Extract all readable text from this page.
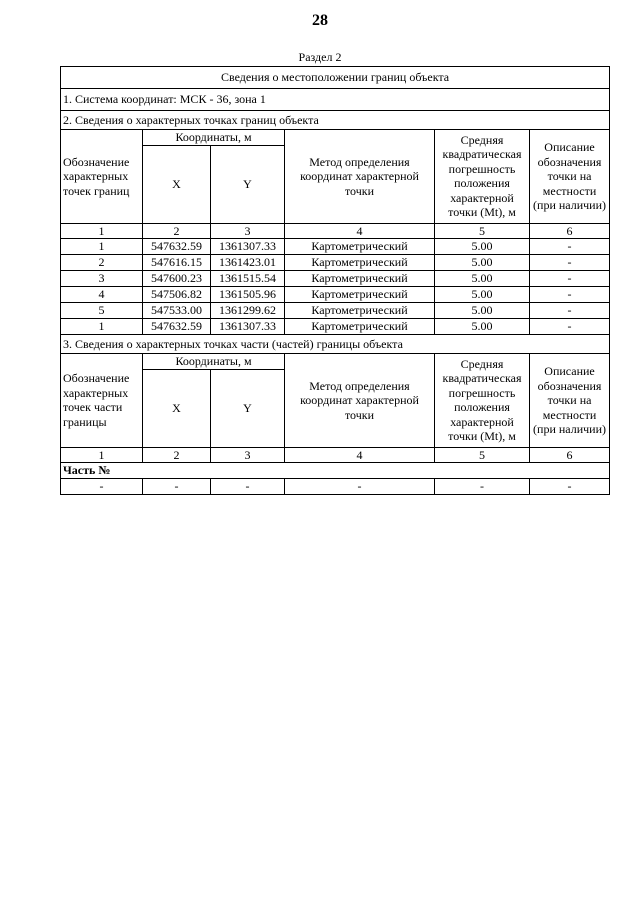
28
Раздел 2
Сведения о местоположении границ объекта					
1. Система координат: МСК - 36, зона 1					
2. Сведения о характерных точках границ объекта					
Обозначение характерных точек границ	Координаты, м		Метод определения координат характерной точки	Средняя квадратическая погрешность положения характерной точки (Mt), м	Описание обозначения точки на местности (при наличии)
	X	Y			
1	2	3	4	5	6
1	547632.59	1361307.33	Картометрический	5.00	-
2	547616.15	1361423.01	Картометрический	5.00	-
3	547600.23	1361515.54	Картометрический	5.00	-
4	547506.82	1361505.96	Картометрический	5.00	-
5	547533.00	1361299.62	Картометрический	5.00	-
1	547632.59	1361307.33	Картометрический	5.00	-
3. Сведения о характерных точках части (частей) границы объекта					
Обозначение характерных точек части границы	Координаты, м		Метод определения координат характерной точки	Средняя квадратическая погрешность положения характерной точки (Mt), м	Описание обозначения точки на местности (при наличии)
	X	Y			
1	2	3	4	5	6
Часть №					
-	-	-	-	-	-
